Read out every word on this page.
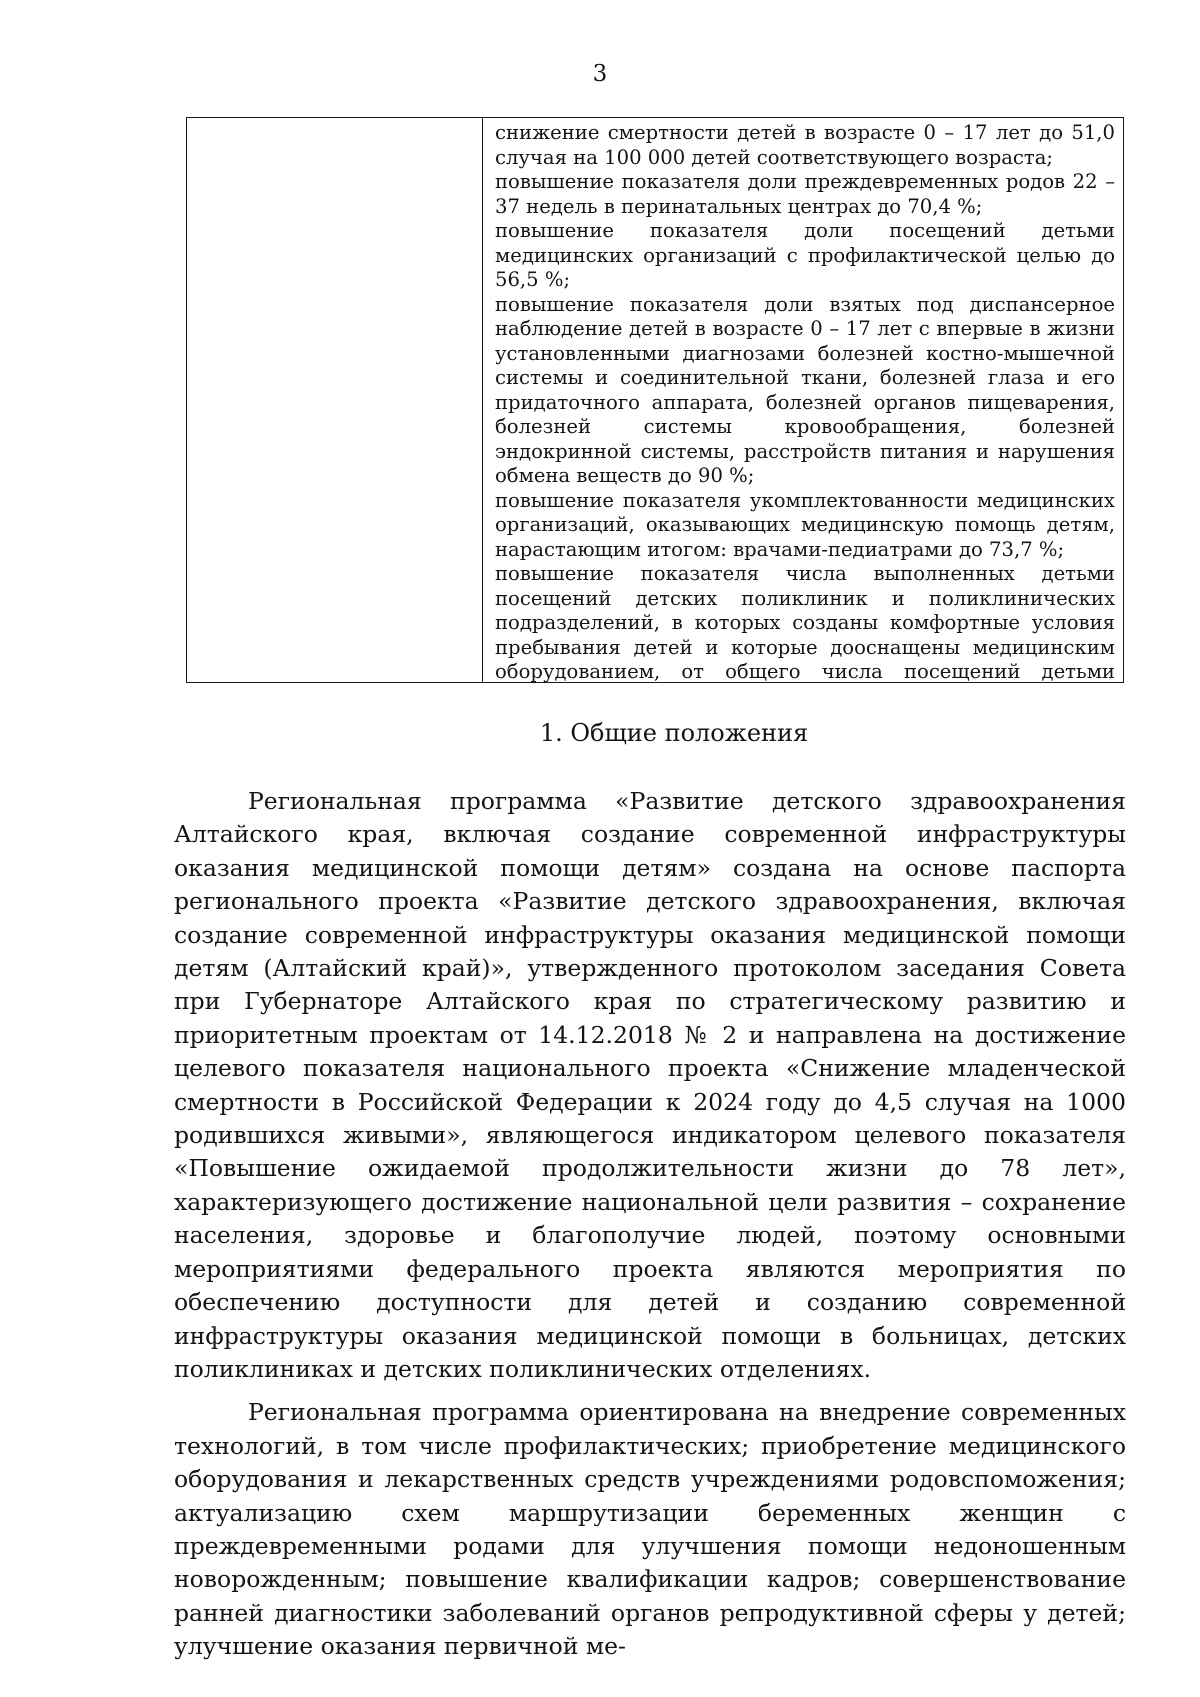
3

снижение смертности детей в возрасте 0 – 17 лет до 51,0 случая на 100 000 детей соответствующего возраста;

повышение показателя доли преждевременных родов 22 – 37 недель в перинатальных центрах до 70,4 %;

повышение показателя доли посещений детьми медицинских организаций с профилактической целью до 56,5 %;

повышение показателя доли взятых под диспансерное наблюдение детей в возрасте 0 – 17 лет с впервые в жизни установленными диагнозами болезней костно-мышечной системы и соединительной ткани, болезней глаза и его придаточного аппарата, болезней органов пищеварения, болезней системы кровообращения, болезней эндокринной системы, расстройств питания и нарушения обмена веществ до 90 %;

повышение показателя укомплектованности медицинских организаций, оказывающих медицинскую помощь детям, нарастающим итогом: врачами-педиатрами до 73,7 %;

повышение показателя числа выполненных детьми посещений детских поликлиник и поликлинических подразделений, в которых созданы комфортные условия пребывания детей и которые дооснащены медицинским оборудованием, от общего числа посещений детьми

1. Общие положения

Региональная программа «Развитие детского здравоохранения Алтайского края, включая создание современной инфраструктуры оказания медицинской помощи детям» создана на основе паспорта регионального проекта «Развитие детского здравоохранения, включая создание современной инфраструктуры оказания медицинской помощи детям (Алтайский край)», утвержденного протоколом заседания Совета при Губернаторе Алтайского края по стратегическому развитию и приоритетным проектам от 14.12.2018 № 2 и направлена на достижение целевого показателя национального проекта «Снижение младенческой смертности в Российской Федерации к 2024 году до 4,5 случая на 1000 родившихся живыми», являющегося индикатором целевого показателя «Повышение ожидаемой продолжительности жизни до 78 лет», характеризующего достижение национальной цели развития – сохранение населения, здоровье и благополучие людей, поэтому основными мероприятиями федерального проекта являются мероприятия по обеспечению доступности для детей и созданию современной инфраструктуры оказания медицинской помощи в больницах, детских поликлиниках и детских поликлинических отделениях.

Региональная программа ориентирована на внедрение современных технологий, в том числе профилактических; приобретение медицинского оборудования и лекарственных средств учреждениями родовспоможения; актуализацию схем маршрутизации беременных женщин с преждевременными родами для улучшения помощи недоношенным новорожденным; повышение квалификации кадров; совершенствование ранней диагностики заболеваний органов репродуктивной сферы у детей; улучшение оказания первичной ме-
